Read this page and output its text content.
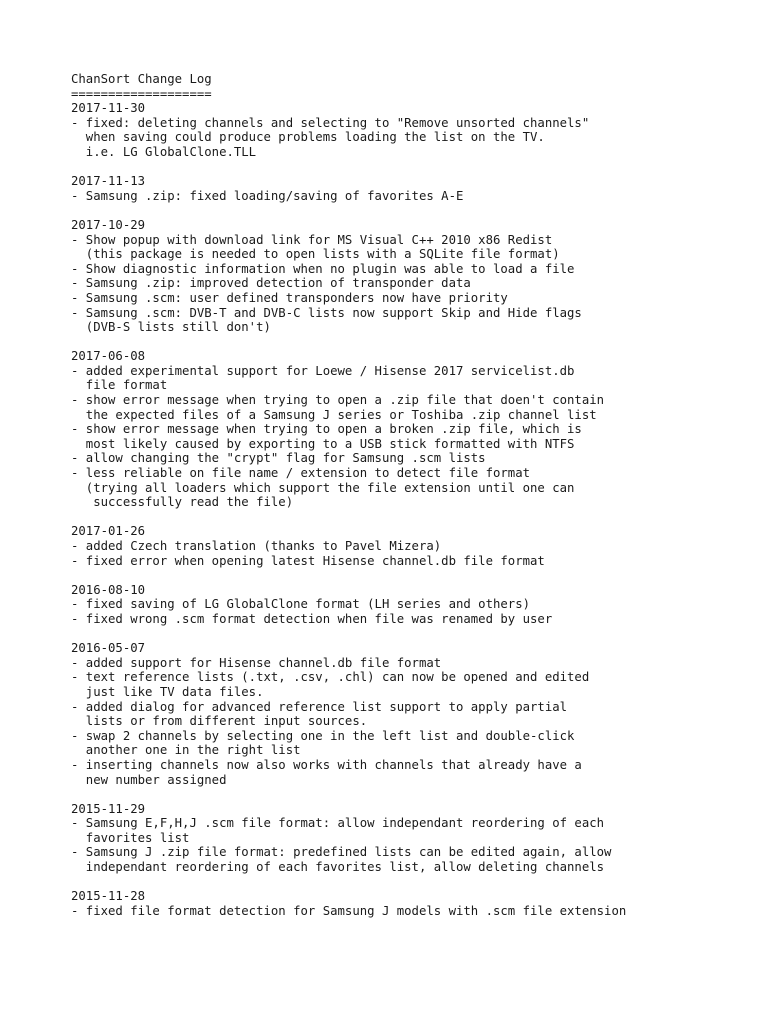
ChanSort Change Log
===================
2017-11-30
- fixed: deleting channels and selecting to "Remove unsorted channels"
when saving could produce problems loading the list on the TV.
i.e. LG GlobalClone.TLL
2017-11-13
- Samsung .zip: fixed loading/saving of favorites A-E
2017-10-29
- Show popup with download link for MS Visual C++ 2010 x86 Redist
(this package is needed to open lists with a SQLite file format)
- Show diagnostic information when no plugin was able to load a file
- Samsung .zip: improved detection of transponder data
- Samsung .scm: user defined transponders now have priority
- Samsung .scm: DVB-T and DVB-C lists now support Skip and Hide flags
(DVB-S lists still don't)
2017-06-08
- added experimental support for Loewe / Hisense 2017 servicelist.db
file format
- show error message when trying to open a .zip file that doen't contain
the expected files of a Samsung J series or Toshiba .zip channel list
- show error message when trying to open a broken .zip file, which is
most likely caused by exporting to a USB stick formatted with NTFS
- allow changing the "crypt" flag for Samsung .scm lists
- less reliable on file name / extension to detect file format
(trying all loaders which support the file extension until one can
successfully read the file)
2017-01-26
- added Czech translation (thanks to Pavel Mizera)
- fixed error when opening latest Hisense channel.db file format
2016-08-10
- fixed saving of LG GlobalClone format (LH series and others)
- fixed wrong .scm format detection when file was renamed by user
2016-05-07
- added support for Hisense channel.db file format
- text reference lists (.txt, .csv, .chl) can now be opened and edited
just like TV data files.
- added dialog for advanced reference list support to apply partial
lists or from different input sources.
- swap 2 channels by selecting one in the left list and double-click
another one in the right list
- inserting channels now also works with channels that already have a
new number assigned
2015-11-29
- Samsung E,F,H,J .scm file format: allow independant reordering of each
favorites list
- Samsung J .zip file format: predefined lists can be edited again, allow
independant reordering of each favorites list, allow deleting channels
2015-11-28
- fixed file format detection for Samsung J models with .scm file extension
